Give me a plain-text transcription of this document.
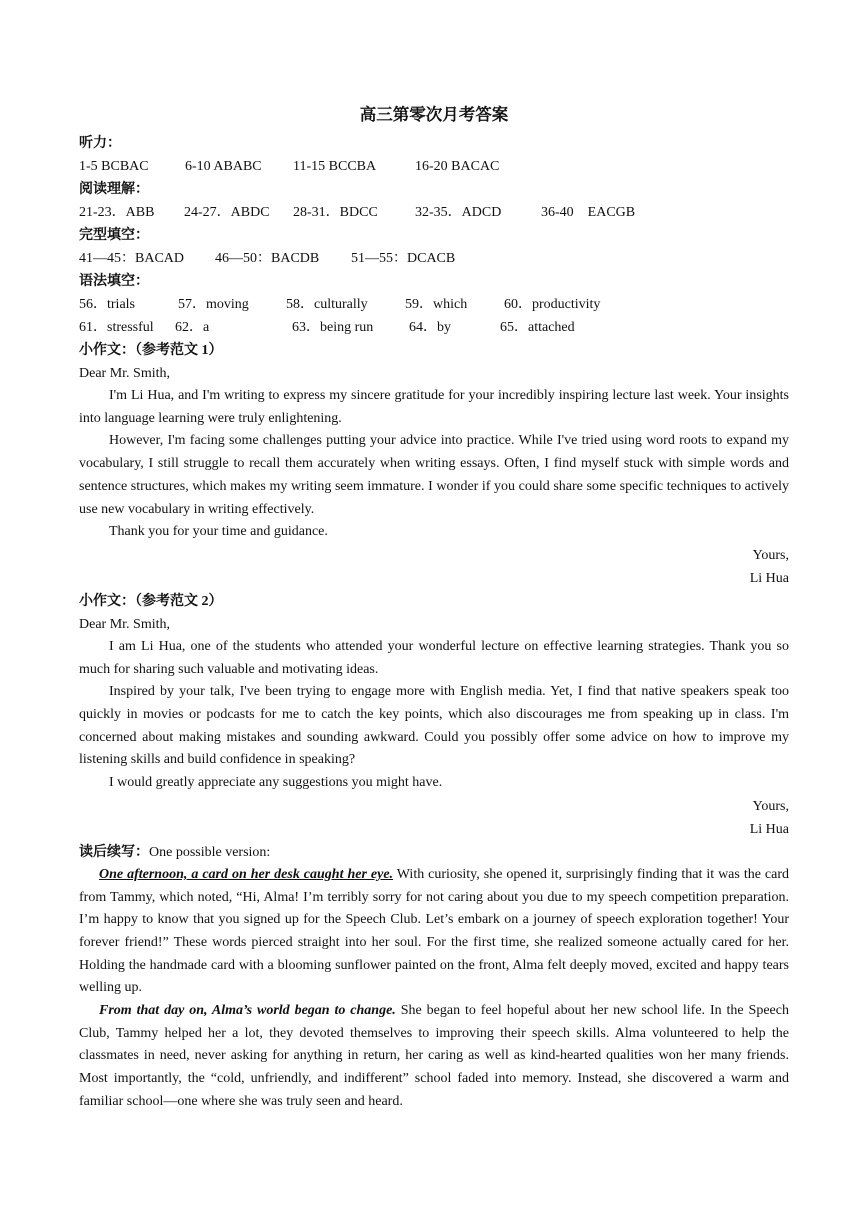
高三第零次月考答案
听力：
1-5 BCBAC	6-10 ABABC 11-15 BCCBA	16-20 BACAC
阅读理解：
21-23．ABB 24-27．ABDC 28-31．BDCC	32-35．ADCD	36-40　EACGB
完型填空：
41—45：BACAD 46—50：BACDB 51—55：DCACB
语法填空：
56．trials	57．moving	58．culturally	59．which	60．productivity
61．stressful 62．a	63．being run	64．by	65．attached
小作文：（参考范文 1）
Dear Mr. Smith,

I'm Li Hua, and I'm writing to express my sincere gratitude for your incredibly inspiring lecture last week. Your insights into language learning were truly enlightening.

However, I'm facing some challenges putting your advice into practice. While I've tried using word roots to expand my vocabulary, I still struggle to recall them accurately when writing essays. Often, I find myself stuck with simple words and sentence structures, which makes my writing seem immature. I wonder if you could share some specific techniques to actively use new vocabulary in writing effectively.

Thank you for your time and guidance.

Yours,
Li Hua
小作文：（参考范文 2）
Dear Mr. Smith,

I am Li Hua, one of the students who attended your wonderful lecture on effective learning strategies. Thank you so much for sharing such valuable and motivating ideas.

Inspired by your talk, I've been trying to engage more with English media. Yet, I find that native speakers speak too quickly in movies or podcasts for me to catch the key points, which also discourages me from speaking up in class. I'm concerned about making mistakes and sounding awkward. Could you possibly offer some advice on how to improve my listening skills and build confidence in speaking?

I would greatly appreciate any suggestions you might have.

Yours,
Li Hua
读后续写：One possible version:

One afternoon, a card on her desk caught her eye. With curiosity, she opened it, surprisingly finding that it was the card from Tammy, which noted, “Hi, Alma! I’m terribly sorry for not caring about you due to my speech competition preparation. I’m happy to know that you signed up for the Speech Club. Let’s embark on a journey of speech exploration together! Your forever friend!” These words pierced straight into her soul. For the first time, she realized someone actually cared for her. Holding the handmade card with a blooming sunflower painted on the front, Alma felt deeply moved, excited and happy tears welling up.

From that day on, Alma’s world began to change. She began to feel hopeful about her new school life. In the Speech Club, Tammy helped her a lot, they devoted themselves to improving their speech skills. Alma volunteered to help the classmates in need, never asking for anything in return, her caring as well as kind-hearted qualities won her many friends. Most importantly, the “cold, unfriendly, and indifferent” school faded into memory. Instead, she discovered a warm and familiar school—one where she was truly seen and heard.
